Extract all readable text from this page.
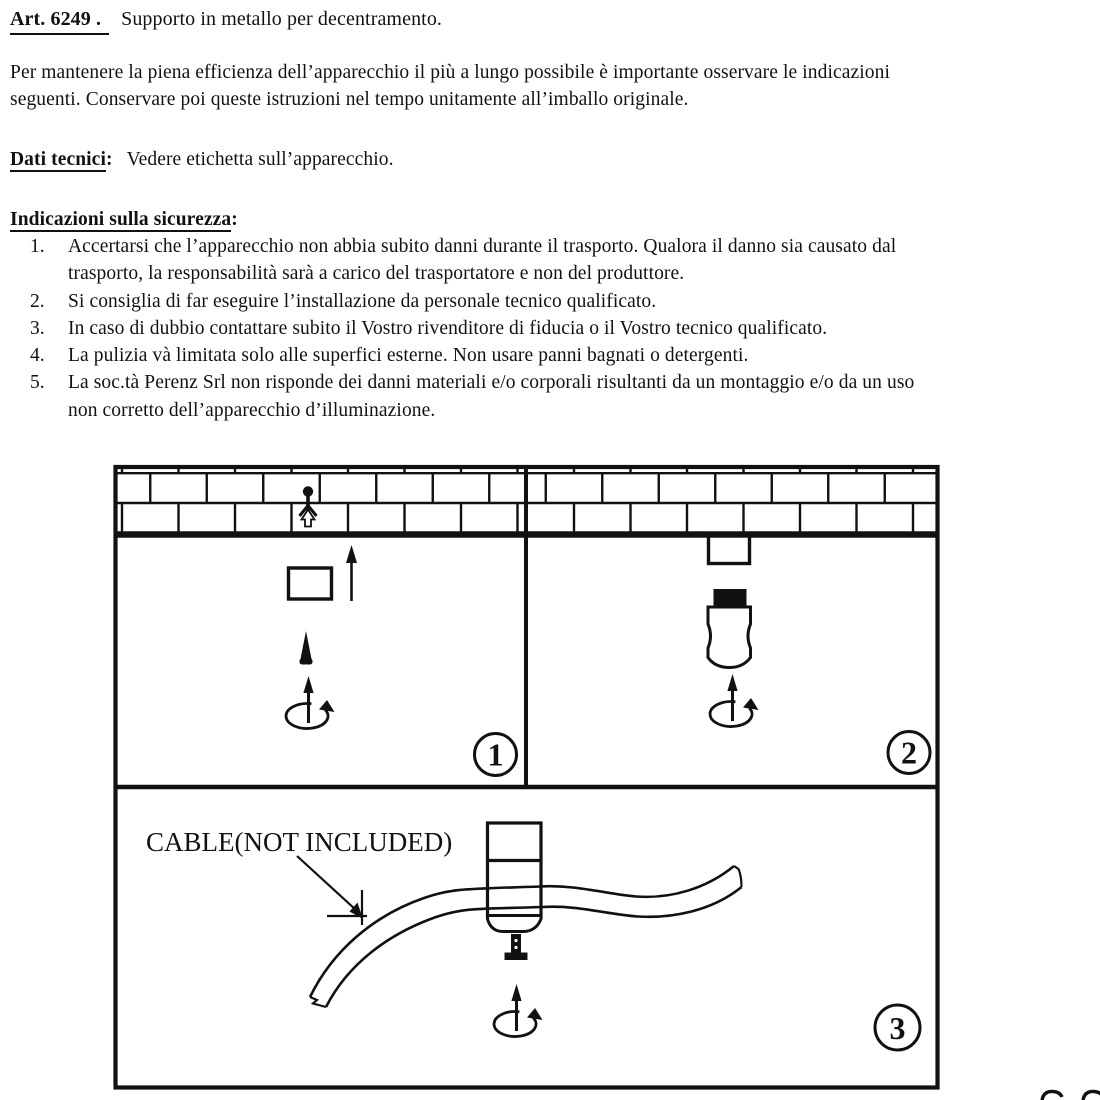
Art. 6249 . Supporto in metallo per decentramento.
Per mantenere la piena efficienza dell’apparecchio il più a lungo possibile è importante osservare le indicazioni
seguenti. Conservare poi queste istruzioni nel tempo unitamente all’imballo originale.
Dati tecnici: Vedere etichetta sull’apparecchio.
Indicazioni sulla sicurezza:
1.	Accertarsi che l’apparecchio non abbia subito danni durante il trasporto. Qualora il danno sia causato dal
trasporto, la responsabilità sarà a carico del trasportatore e non del produttore.
2.	Si consiglia di far eseguire l’installazione da personale tecnico qualificato.
3.	In caso di dubbio contattare subito il Vostro rivenditore di fiducia o il Vostro tecnico qualificato.
4.	La pulizia và limitata solo alle superfici esterne. Non usare panni bagnati o detergenti.
5.	La soc.tà Perenz Srl non risponde dei danni materiali e/o corporali risultanti da un montaggio e/o da un uso
non corretto dell’apparecchio d’illuminazione.
1	2
CABLE(NOT INCLUDED)
3
